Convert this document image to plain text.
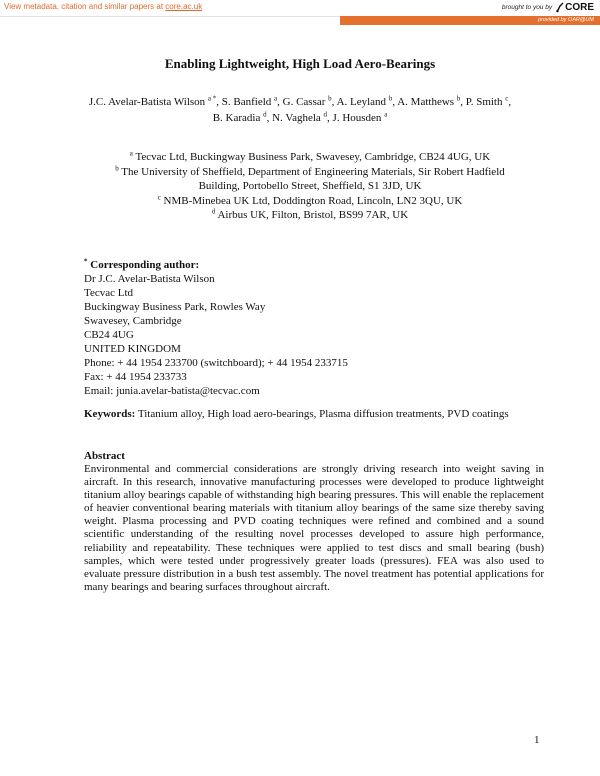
View metadata, citation and similar papers at core.ac.uk	brought to you by CORE
provided by OAR@UM
Enabling Lightweight, High Load Aero-Bearings
J.C. Avelar-Batista Wilson $^{a *}$, S. Banfield $^a$, G. Cassar $^b$, A. Leyland $^b$, A. Matthews $^b$, P. Smith $^c$,
B. Karadia $^d$, N. Vaghela $^d$, J. Housden $^a$
$^a$ Tecvac Ltd, Buckingway Business Park, Swavesey, Cambridge, CB24 4UG, UK
$^b$ The University of Sheffield, Department of Engineering Materials, Sir Robert Hadfield
Building, Portobello Street, Sheffield, S1 3JD, UK
$^c$ NMB-Minebea UK Ltd, Doddington Road, Lincoln, LN2 3QU, UK
$^d$ Airbus UK, Filton, Bristol, BS99 7AR, UK
* Corresponding author:
Dr J.C. Avelar-Batista Wilson
Tecvac Ltd
Buckingway Business Park, Rowles Way
Swavesey, Cambridge
CB24 4UG
UNITED KINGDOM
Phone: + 44 1954 233700 (switchboard); + 44 1954 233715
Fax: + 44 1954 233733
Email: junia.avelar-batista@tecvac.com
Keywords: Titanium alloy, High load aero-bearings, Plasma diffusion treatments, PVD coatings
Abstract

Environmental and commercial considerations are strongly driving research into weight saving in aircraft. In this research, innovative manufacturing processes were developed to produce lightweight titanium alloy bearings capable of withstanding high bearing pressures. This will enable the replacement of heavier conventional bearing materials with titanium alloy bearings of the same size thereby saving weight. Plasma processing and PVD coating techniques were refined and combined and a sound scientific understanding of the resulting novel processes developed to assure high performance, reliability and repeatability. These techniques were applied to test discs and small bearing (bush) samples, which were tested under progressively greater loads (pressures). FEA was also used to evaluate pressure distribution in a bush test assembly. The novel treatment has potential applications for many bearings and bearing surfaces throughout aircraft.

1
